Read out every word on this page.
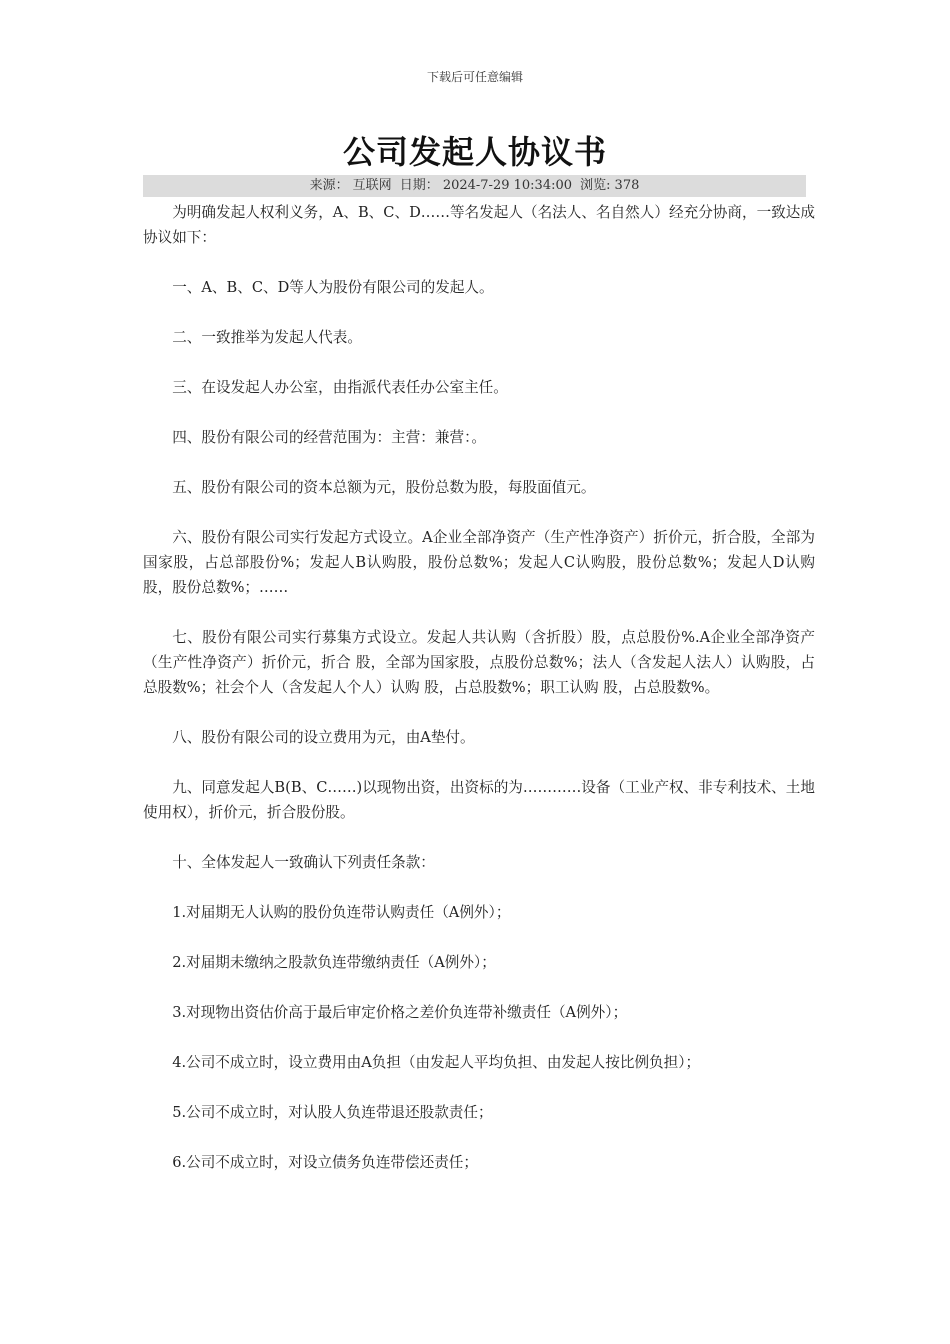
下载后可任意编辑
公司发起人协议书
来源： 互联网 日期： 2024-7-29 10:34:00 浏览: 378

为明确发起人权利义务，A、B、C、D……等名发起人（名法人、名自然人）经充分协商，一致达成协议如下：

一、A、B、C、D等人为股份有限公司的发起人。

二、一致推举为发起人代表。

三、在设发起人办公室，由指派代表任办公室主任。

四、股份有限公司的经营范围为：主营：兼营：。

五、股份有限公司的资本总额为元，股份总数为股，每股面值元。

六、股份有限公司实行发起方式设立。A企业全部净资产（生产性净资产）折价元，折合股，全部为国家股，占总部股份%；发起人B认购股，股份总数%；发起人C认购股，股份总数%；发起人D认购股，股份总数%；……

七、股份有限公司实行募集方式设立。发起人共认购（含折股）股，点总股份%.A企业全部净资产（生产性净资产）折价元，折合 股，全部为国家股，点股份总数%；法人（含发起人法人）认购股，占总股数%；社会个人（含发起人个人）认购 股，占总股数%；职工认购 股，占总股数%。

八、股份有限公司的设立费用为元，由A垫付。

九、同意发起人B(B、C……)以现物出资，出资标的为…………设备（工业产权、非专利技术、土地使用权），折价元，折合股份股。

十、全体发起人一致确认下列责任条款：

1.对届期无人认购的股份负连带认购责任（A例外）；

2.对届期未缴纳之股款负连带缴纳责任（A例外）；

3.对现物出资估价高于最后审定价格之差价负连带补缴责任（A例外）；

4.公司不成立时，设立费用由A负担（由发起人平均负担、由发起人按比例负担）；

5.公司不成立时，对认股人负连带退还股款责任；

6.公司不成立时，对设立债务负连带偿还责任；
